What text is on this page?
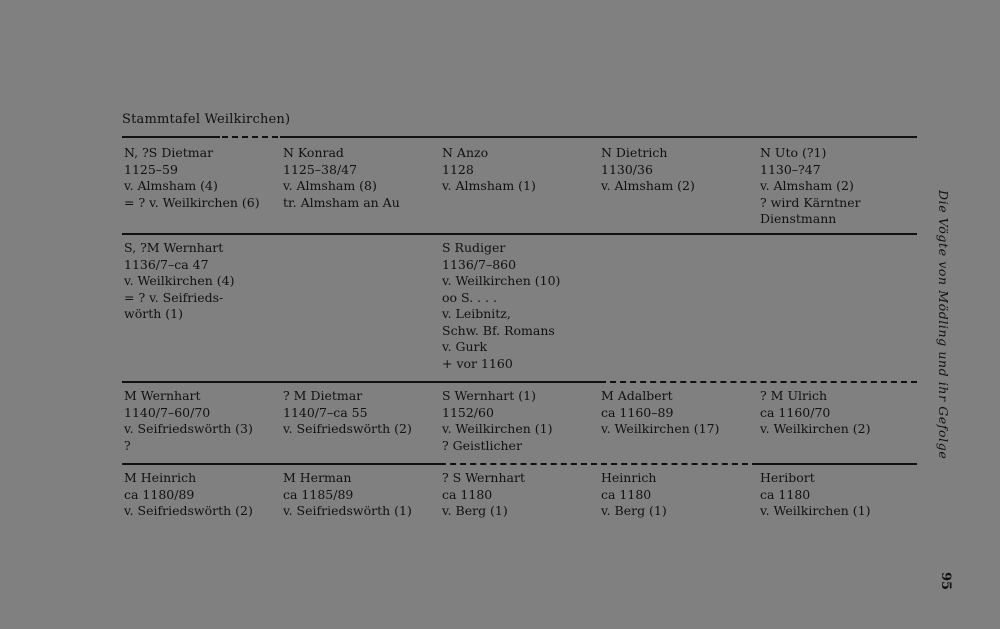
Stammtafel Weilkirchen)
N, ?S Dietmar
1125–59
v. Almsham (4)
= ? v. Weilkirchen (6)
N Konrad
1125–38/47
v. Almsham (8)
tr. Almsham an Au
N Anzo
1128
v. Almsham (1)
N Dietrich
1130/36
v. Almsham (2)
N Uto (?1)
1130–?47
v. Almsham (2)
? wird Kärntner
Dienstmann
S, ?M Wernhart
1136/7–ca 47
v. Weilkirchen (4)
= ? v. Seifrieds-
wörth (1)
S Rudiger
1136/7–860
v. Weilkirchen (10)
oo S. . . .
v. Leibnitz,
Schw. Bf. Romans
v. Gurk
+ vor 1160
M Wernhart
1140/7–60/70
v. Seifriedswörth (3)
?
? M Dietmar
1140/7–ca 55
v. Seifriedswörth (2)
S Wernhart (1)
1152/60
v. Weilkirchen (1)
? Geistlicher
M Adalbert
ca 1160–89
v. Weilkirchen (17)
? M Ulrich
ca 1160/70
v. Weilkirchen (2)
M Heinrich
ca 1180/89
v. Seifriedswörth (2)
M Herman
ca 1185/89
v. Seifriedswörth (1)
? S Wernhart
ca 1180
v. Berg (1)
Heinrich
ca 1180
v. Berg (1)
Heribort
ca 1180
v. Weilkirchen (1)
Die Vögte von Mödling und ihr Gefolge
95
